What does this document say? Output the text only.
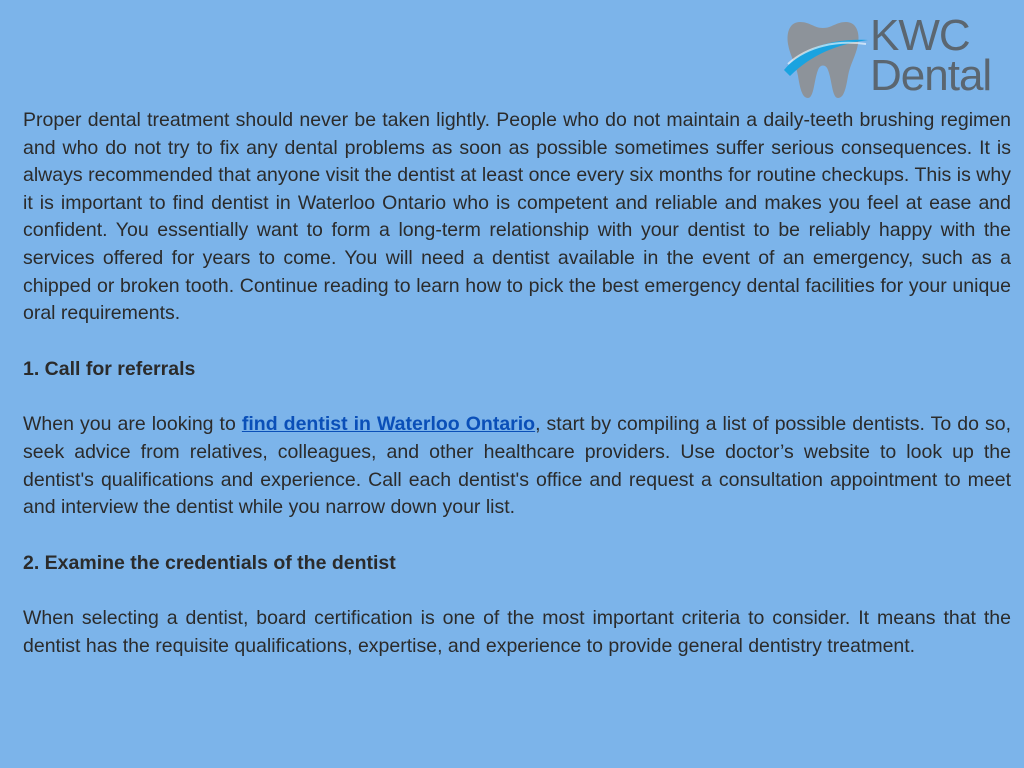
KWC
Dental

Proper dental treatment should never be taken lightly. People who do not maintain a daily-teeth brushing regimen and who do not try to fix any dental problems as soon as possible sometimes suffer serious consequences. It is always recommended that anyone visit the dentist at least once every six months for routine checkups. This is why it is important to find dentist in Waterloo Ontario who is competent and reliable and makes you feel at ease and confident. You essentially want to form a long-term relationship with your dentist to be reliably happy with the services offered for years to come. You will need a dentist available in the event of an emergency, such as a chipped or broken tooth. Continue reading to learn how to pick the best emergency dental facilities for your unique oral requirements.

1. Call for referrals

When you are looking to find dentist in Waterloo Ontario, start by compiling a list of possible dentists. To do so, seek advice from relatives, colleagues, and other healthcare providers. Use doctor’s website to look up the dentist's qualifications and experience. Call each dentist's office and request a consultation appointment to meet and interview the dentist while you narrow down your list.

2. Examine the credentials of the dentist

When selecting a dentist, board certification is one of the most important criteria to consider. It means that the dentist has the requisite qualifications, expertise, and experience to provide general dentistry treatment.
